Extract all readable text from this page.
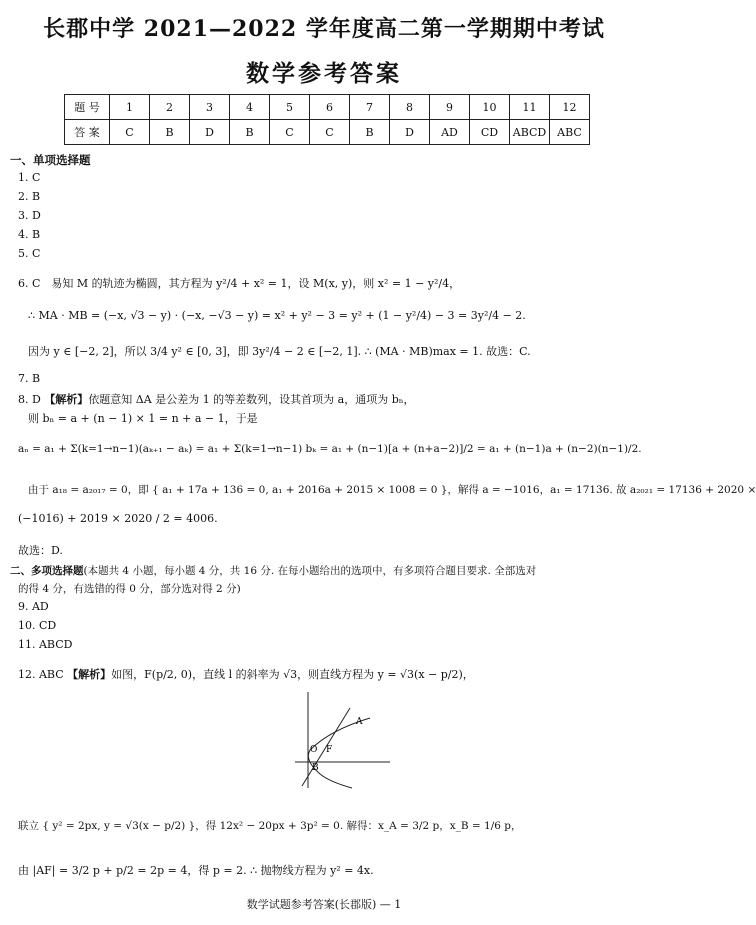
长郡中学 2021—2022 学年度高二第一学期期中考试
数学参考答案
题 号	1	2	3	4	5	6	7	8	9	10	11	12
答 案	C	B	D	B	C	C	B	D	AD	CD	ABCD	ABC
一、单项选择题
1. C
2. B
3. D
4. B
5. C
6. C　易知 M 的轨迹为椭圆，其方程为 y²/4 + x² = 1，设 M(x, y)，则 x² = 1 − y²/4，
∴ MA · MB = (−x, √3 − y) · (−x, −√3 − y) = x² + y² − 3 = y² + (1 − y²/4) − 3 = 3y²/4 − 2.
因为 y ∈ [−2, 2]，所以 3/4 y² ∈ [0, 3]，即 3y²/4 − 2 ∈ [−2, 1]. ∴ (MA · MB)max = 1. 故选：C.
7. B
8. D 【解析】依题意知 ΔA 是公差为 1 的等差数列，设其首项为 a，通项为 bₙ，
则 bₙ = a + (n − 1) × 1 = n + a − 1，于是
aₙ = a₁ + Σ(k=1→n−1)(aₖ₊₁ − aₖ) = a₁ + Σ(k=1→n−1) bₖ = a₁ + (n−1)[a + (n+a−2)]/2 = a₁ + (n−1)a + (n−2)(n−1)/2.
由于 a₁₈ = a₂₀₁₇ = 0，即 { a₁ + 17a + 136 = 0, a₁ + 2016a + 2015 × 1008 = 0 }，解得 a = −1016，a₁ = 17136. 故 a₂₀₂₁ = 17136 + 2020 ×
(−1016) + 2019 × 2020 / 2 = 4006.
故选：D.
二、多项选择题(本题共 4 小题，每小题 4 分，共 16 分. 在每小题给出的选项中，有多项符合题目要求. 全部选对
的得 4 分，有选错的得 0 分，部分选对得 2 分)
9. AD
10. CD
11. ABCD
12. ABC 【解析】如图，F(p/2, 0)，直线 l 的斜率为 √3，则直线方程为 y = √3(x − p/2)，
A
O F
B
联立 { y² = 2px, y = √3(x − p/2) }，得 12x² − 20px + 3p² = 0. 解得：x_A = 3/2 p，x_B = 1/6 p，
由 |AF| = 3/2 p + p/2 = 2p = 4，得 p = 2. ∴ 抛物线方程为 y² = 4x.
数学试题参考答案(长郡版) — 1
